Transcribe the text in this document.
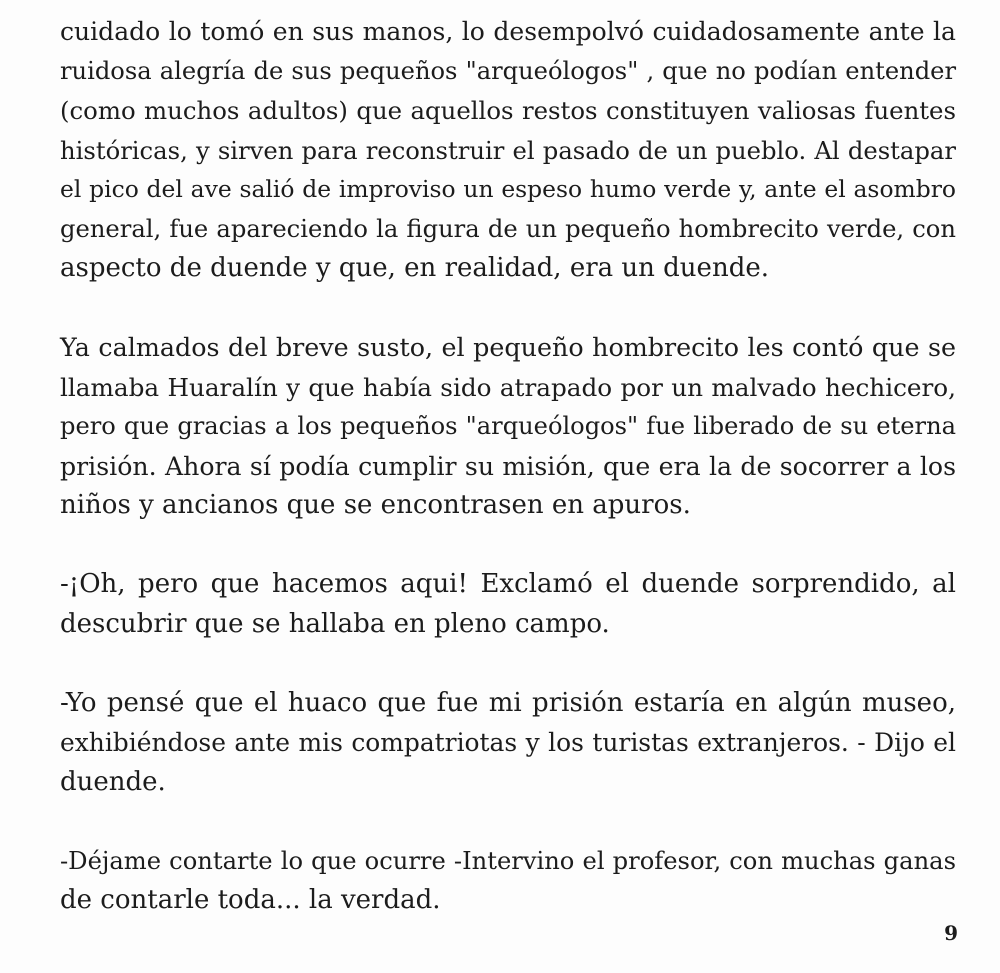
cuidado lo tomó en sus manos, lo desempolvó cuidadosamente ante la
ruidosa alegría de sus pequeños "arqueólogos" , que no podían entender
(como muchos adultos) que aquellos restos constituyen valiosas fuentes
históricas, y sirven para reconstruir el pasado de un pueblo. Al destapar
el pico del ave salió de improviso un espeso humo verde y, ante el asombro
general, fue apareciendo la figura de un pequeño hombrecito verde, con
aspecto de duende y que, en realidad, era un duende.

Ya calmados del breve susto, el pequeño hombrecito les contó que se
llamaba Huaralín y que había sido atrapado por un malvado hechicero,
pero que gracias a los pequeños "arqueólogos" fue liberado de su eterna
prisión. Ahora sí podía cumplir su misión, que era la de socorrer a los
niños y ancianos que se encontrasen en apuros.

-¡Oh, pero que hacemos aqui! Exclamó el duende sorprendido, al
descubrir que se hallaba en pleno campo.

-Yo pensé que el huaco que fue mi prisión estaría en algún museo,
exhibiéndose ante mis compatriotas y los turistas extranjeros. - Dijo el
duende.

-Déjame contarte lo que ocurre -Intervino el profesor, con muchas ganas
de contarle toda... la verdad.

9
